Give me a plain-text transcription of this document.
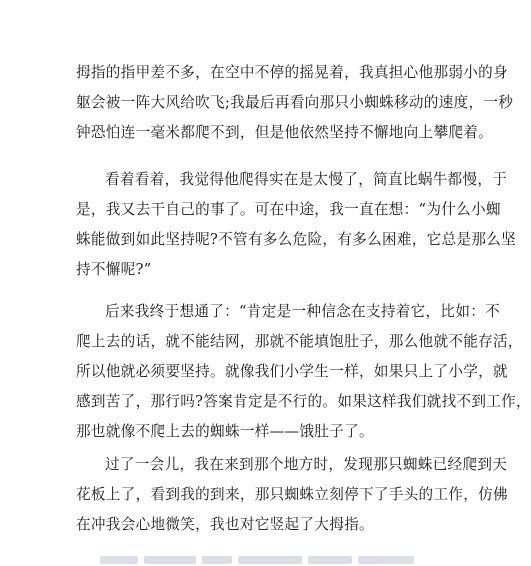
拇指的指甲差不多，在空中不停的摇晃着，我真担心他那弱小的身
躯会被一阵大风给吹飞;我最后再看向那只小蜘蛛移动的速度，一秒
钟恐怕连一毫米都爬不到，但是他依然坚持不懈地向上攀爬着。

看着看着，我觉得他爬得实在是太慢了，简直比蜗牛都慢，于
是，我又去干自己的事了。可在中途，我一直在想：“为什么小蜘
蛛能做到如此坚持呢?不管有多么危险，有多么困难，它总是那么坚
持不懈呢?”

后来我终于想通了：“肯定是一种信念在支持着它，比如：不
爬上去的话，就不能结网，那就不能填饱肚子，那么他就不能存活，
所以他就必须要坚持。就像我们小学生一样，如果只上了小学，就
感到苦了，那行吗?答案肯定是不行的。如果这样我们就找不到工作，
那也就像不爬上去的蜘蛛一样——饿肚子了。

过了一会儿，我在来到那个地方时，发现那只蜘蛛已经爬到天
花板上了，看到我的到来，那只蜘蛛立刻停下了手头的工作，仿佛
在冲我会心地微笑，我也对它竖起了大拇指。
